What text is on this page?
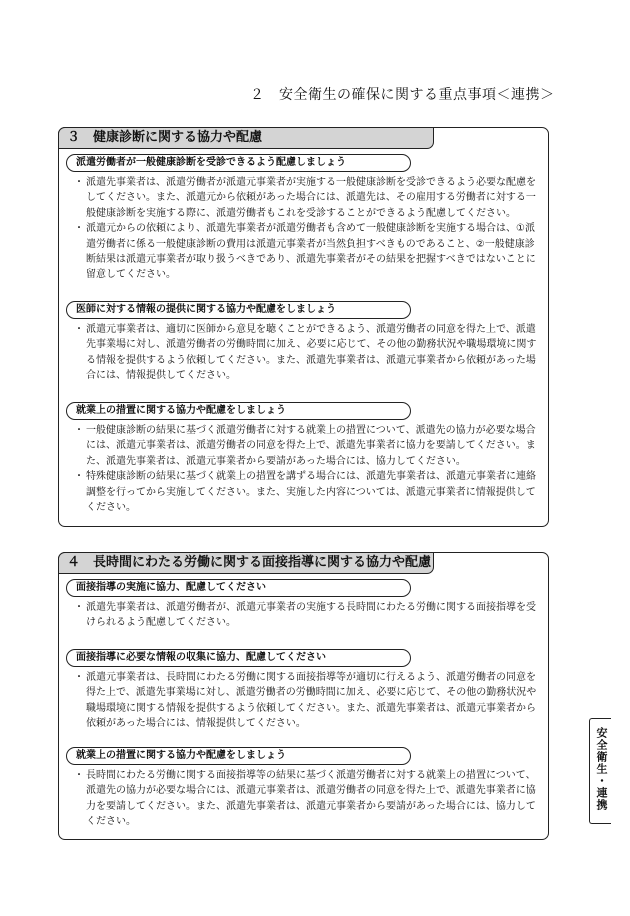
２　安全衛生の確保に関する重点事項＜連携＞
３ 健康診断に関する協力や配慮
派遣労働者が一般健康診断を受診できるよう配慮しましょう
・ 派遣先事業者は、派遣労働者が派遣元事業者が実施する一般健康診断を受診できるよう必要な配慮をしてください。また、派遣元から依頼があった場合には、派遣先は、その雇用する労働者に対する一般健康診断を実施する際に、派遣労働者もこれを受診することができるよう配慮してください。
・ 派遣元からの依頼により、派遣先事業者が派遣労働者も含めて一般健康診断を実施する場合は、①派遣労働者に係る一般健康診断の費用は派遣元事業者が当然負担すべきものであること、②一般健康診断結果は派遣元事業者が取り扱うべきであり、派遣先事業者がその結果を把握すべきではないことに留意してください。
医師に対する情報の提供に関する協力や配慮をしましょう
・ 派遣元事業者は、適切に医師から意見を聴くことができるよう、派遣労働者の同意を得た上で、派遣先事業場に対し、派遣労働者の労働時間に加え、必要に応じて、その他の勤務状況や職場環境に関する情報を提供するよう依頼してください。また、派遣先事業者は、派遣元事業者から依頼があった場合には、情報提供してください。
就業上の措置に関する協力や配慮をしましょう
・ 一般健康診断の結果に基づく派遣労働者に対する就業上の措置について、派遣先の協力が必要な場合には、派遣元事業者は、派遣労働者の同意を得た上で、派遣先事業者に協力を要請してください。また、派遣先事業者は、派遣元事業者から要請があった場合には、協力してください。
・ 特殊健康診断の結果に基づく就業上の措置を講ずる場合には、派遣先事業者は、派遣元事業者に連絡調整を行ってから実施してください。また、実施した内容については、派遣元事業者に情報提供してください。
４ 長時間にわたる労働に関する面接指導に関する協力や配慮
面接指導の実施に協力、配慮してください
・ 派遣先事業者は、派遣労働者が、派遣元事業者の実施する長時間にわたる労働に関する面接指導を受けられるよう配慮してください。
面接指導に必要な情報の収集に協力、配慮してください
・ 派遣元事業者は、長時間にわたる労働に関する面接指導等が適切に行えるよう、派遣労働者の同意を得た上で、派遣先事業場に対し、派遣労働者の労働時間に加え、必要に応じて、その他の勤務状況や職場環境に関する情報を提供するよう依頼してください。また、派遣先事業者は、派遣元事業者から依頼があった場合には、情報提供してください。
就業上の措置に関する協力や配慮をしましょう
・ 長時間にわたる労働に関する面接指導等の結果に基づく派遣労働者に対する就業上の措置について、派遣先の協力が必要な場合には、派遣元事業者は、派遣労働者の同意を得た上で、派遣先事業者に協力を要請してください。また、派遣先事業者は、派遣元事業者から要請があった場合には、協力してください。
安全衛生・連携
